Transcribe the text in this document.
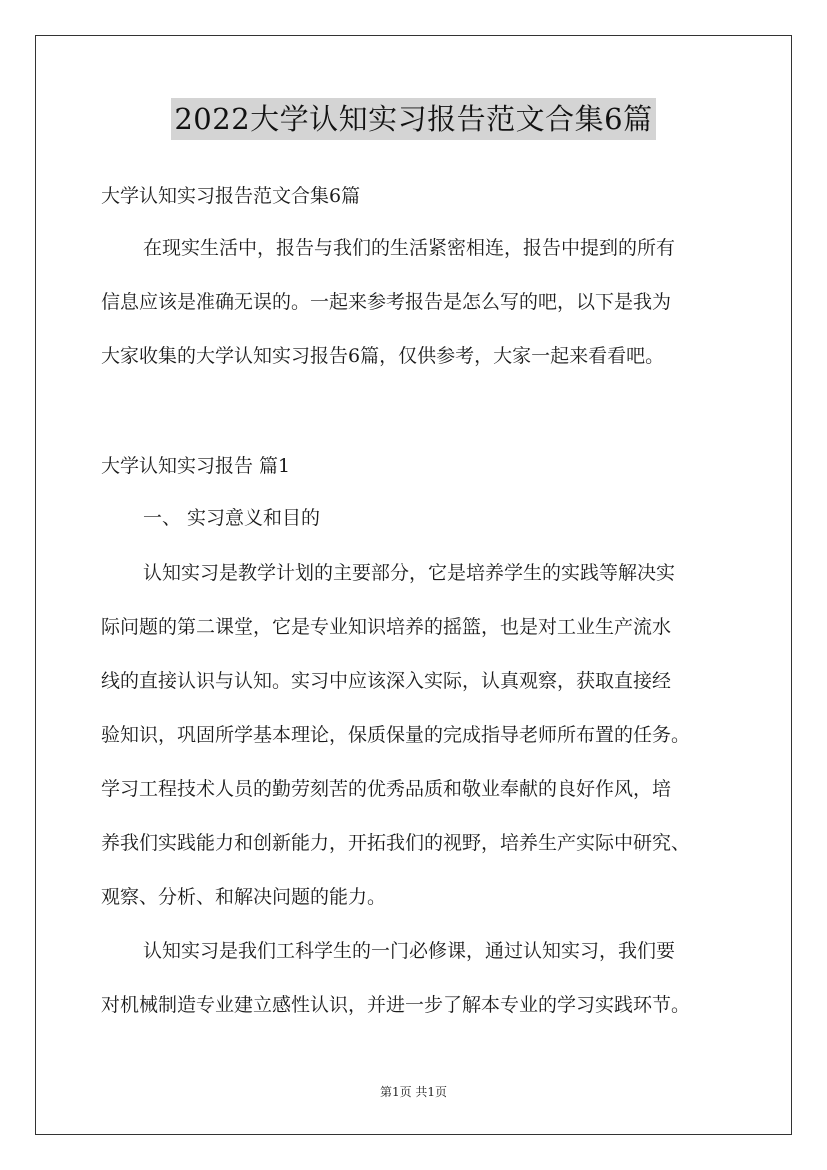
2022大学认知实习报告范文合集6篇
大学认知实习报告范文合集6篇
在现实生活中，报告与我们的生活紧密相连，报告中提到的所有
信息应该是准确无误的。一起来参考报告是怎么写的吧，以下是我为
大家收集的大学认知实习报告6篇，仅供参考，大家一起来看看吧。
大学认知实习报告 篇1
一、 实习意义和目的
认知实习是教学计划的主要部分，它是培养学生的实践等解决实
际问题的第二课堂，它是专业知识培养的摇篮，也是对工业生产流水
线的直接认识与认知。实习中应该深入实际，认真观察，获取直接经
验知识，巩固所学基本理论，保质保量的完成指导老师所布置的任务。
学习工程技术人员的勤劳刻苦的优秀品质和敬业奉献的良好作风，培
养我们实践能力和创新能力，开拓我们的视野，培养生产实际中研究、
观察、分析、和解决问题的能力。
认知实习是我们工科学生的一门必修课，通过认知实习，我们要
对机械制造专业建立感性认识，并进一步了解本专业的学习实践环节。
第1页 共1页
